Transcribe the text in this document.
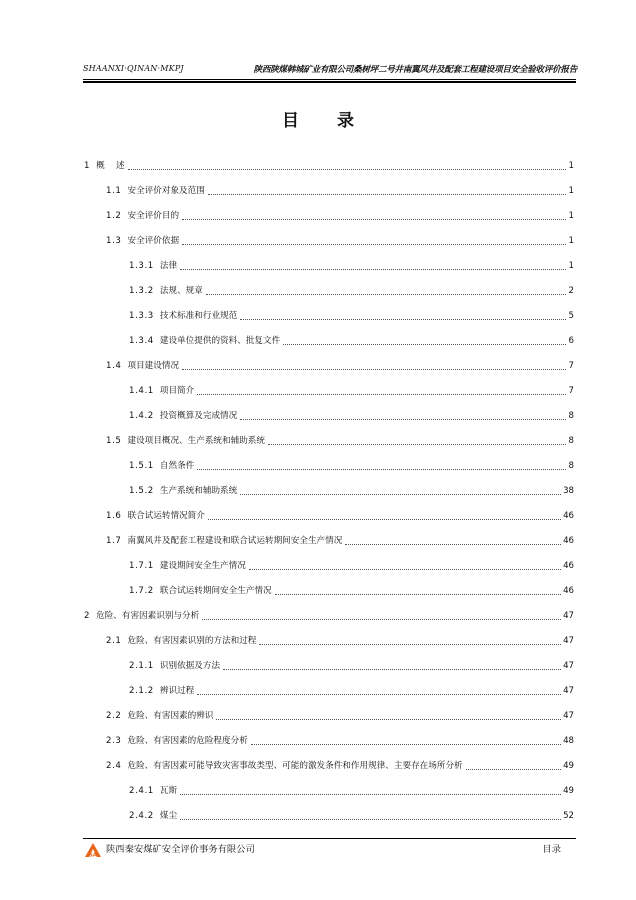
SHAANXI·QINAN·MKPJ	陕西陕煤韩城矿业有限公司桑树坪二号井南翼风井及配套工程建设项目安全验收评价报告
目 录
1 概　 述	1
1.1 安全评价对象及范围	1
1.2 安全评价目的	1
1.3 安全评价依据	1
1.3.1 法律	1
1.3.2 法规、规章	2
1.3.3 技术标准和行业规范	5
1.3.4 建设单位提供的资料、批复文件	6
1.4 项目建设情况	7
1.4.1 项目简介	7
1.4.2 投资概算及完成情况	8
1.5 建设项目概况、生产系统和辅助系统	8
1.5.1 自然条件	8
1.5.2 生产系统和辅助系统	38
1.6 联合试运转情况简介	46
1.7 南翼风井及配套工程建设和联合试运转期间安全生产情况	46
1.7.1 建设期间安全生产情况	46
1.7.2 联合试运转期间安全生产情况	46
2 危险、有害因素识别与分析	47
2.1 危险、有害因素识别的方法和过程	47
2.1.1 识别依据及方法	47
2.1.2 辨识过程	47
2.2 危险、有害因素的辨识	47
2.3 危险、有害因素的危险程度分析	48
2.4 危险、有害因素可能导致灾害事故类型、可能的激发条件和作用规律、主要存在场所分析	49
2.4.1 瓦斯	49
2.4.2 煤尘	52
SA
陕西秦安煤矿安全评价事务有限公司	目录
